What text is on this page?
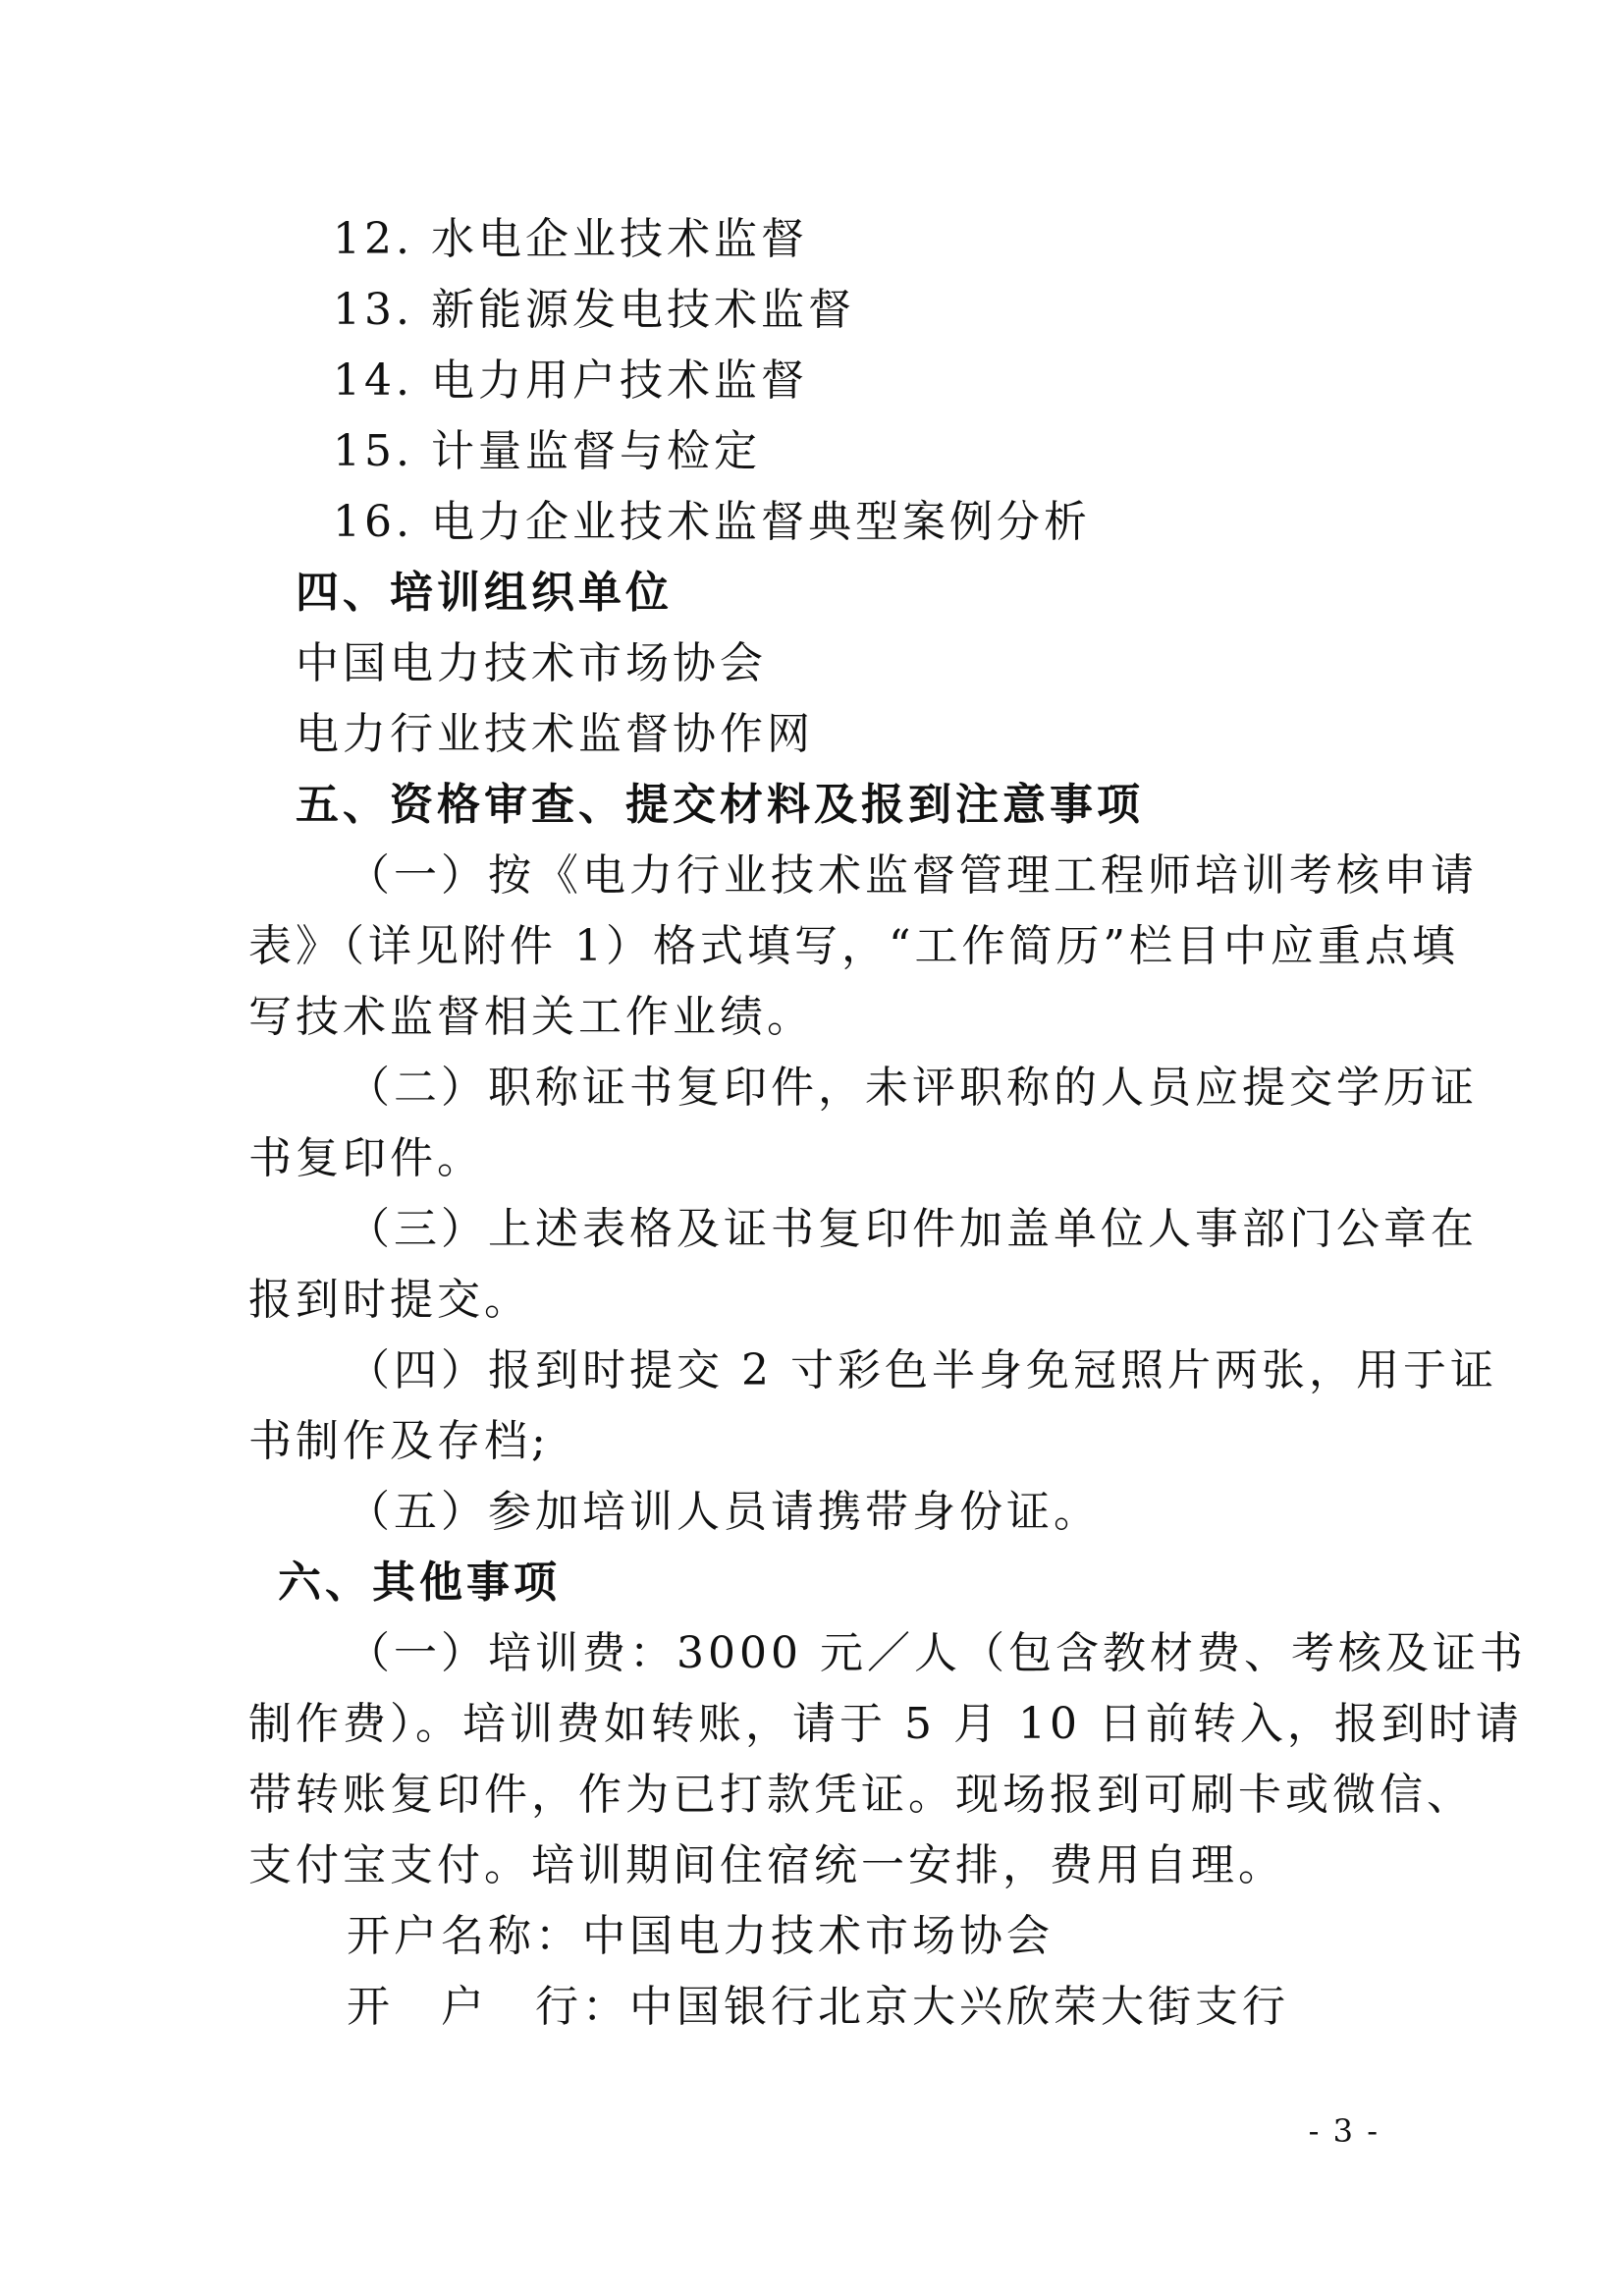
12. 水电企业技术监督
13. 新能源发电技术监督
14. 电力用户技术监督
15. 计量监督与检定
16. 电力企业技术监督典型案例分析
四、培训组织单位
中国电力技术市场协会
电力行业技术监督协作网
五、资格审查、提交材料及报到注意事项
（一）按《电力行业技术监督管理工程师培训考核申请
表》（详见附件 1）格式填写，“工作简历”栏目中应重点填
写技术监督相关工作业绩。
（二）职称证书复印件，未评职称的人员应提交学历证
书复印件。
（三）上述表格及证书复印件加盖单位人事部门公章在
报到时提交。
（四）报到时提交 2 寸彩色半身免冠照片两张，用于证
书制作及存档;
（五）参加培训人员请携带身份证。
六、其他事项
（一）培训费：3000 元／人（包含教材费、考核及证书
制作费）。培训费如转账，请于 5 月 10 日前转入，报到时请
带转账复印件，作为已打款凭证。现场报到可刷卡或微信、
支付宝支付。培训期间住宿统一安排，费用自理。
开户名称：中国电力技术市场协会
开　户　行：中国银行北京大兴欣荣大街支行
- 3 -
